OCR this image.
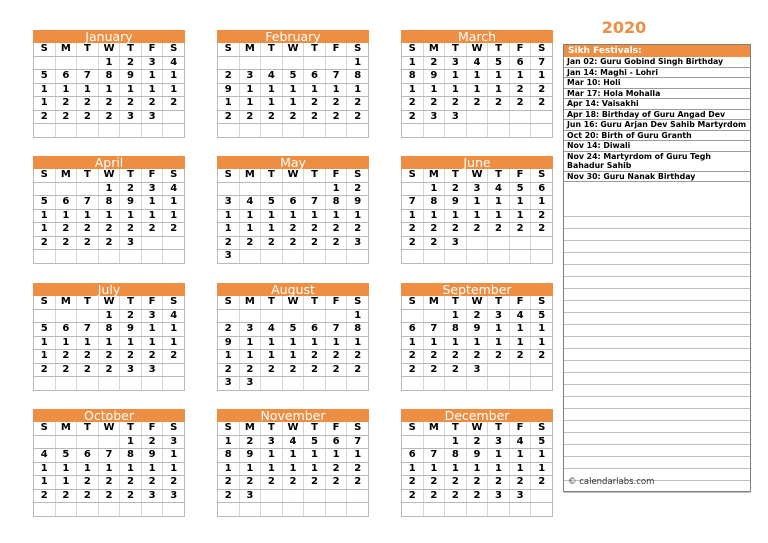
2020
January
S	M	T	W	T	F	S
			1	2	3	4
5	6	7	8	9	1	1
1	1	1	1	1	1	1
1	2	2	2	2	2	2
2	2	2	2	3	3	

February
S	M	T	W	T	F	S
						1
2	3	4	5	6	7	8
9	1	1	1	1	1	1
1	1	1	1	2	2	2
2	2	2	2	2	2	2

March
S	M	T	W	T	F	S
1	2	3	4	5	6	7
8	9	1	1	1	1	1
1	1	1	1	1	2	2
2	2	2	2	2	2	2
2	3	3				

April
S	M	T	W	T	F	S
			1	2	3	4
5	6	7	8	9	1	1
1	1	1	1	1	1	1
1	2	2	2	2	2	2
2	2	2	2	3		

May
S	M	T	W	T	F	S
					1	2
3	4	5	6	7	8	9
1	1	1	1	1	1	1
1	1	1	2	2	2	2
2	2	2	2	2	2	3
3						
June
S	M	T	W	T	F	S
	1	2	3	4	5	6
7	8	9	1	1	1	1
1	1	1	1	1	1	2
2	2	2	2	2	2	2
2	2	3				

July
S	M	T	W	T	F	S
			1	2	3	4
5	6	7	8	9	1	1
1	1	1	1	1	1	1
1	2	2	2	2	2	2
2	2	2	2	3	3	

August
S	M	T	W	T	F	S
						1
2	3	4	5	6	7	8
9	1	1	1	1	1	1
1	1	1	1	2	2	2
2	2	2	2	2	2	2
3	3					
September
S	M	T	W	T	F	S
		1	2	3	4	5
6	7	8	9	1	1	1
1	1	1	1	1	1	1
2	2	2	2	2	2	2
2	2	2	3			

October
S	M	T	W	T	F	S
				1	2	3
4	5	6	7	8	9	1
1	1	1	1	1	1	1
1	1	2	2	2	2	2
2	2	2	2	2	3	3

November
S	M	T	W	T	F	S
1	2	3	4	5	6	7
8	9	1	1	1	1	1
1	1	1	1	1	2	2
2	2	2	2	2	2	2
2	3					

December
S	M	T	W	T	F	S
		1	2	3	4	5
6	7	8	9	1	1	1
1	1	1	1	1	1	1
2	2	2	2	2	2	2
2	2	2	2	3	3	

Sikh Festivals:
Jan 02: Guru Gobind Singh Birthday
Jan 14: Maghi - Lohri
Mar 10: Holi
Mar 17: Hola Mohalla
Apr 14: Vaisakhi
Apr 18: Birthday of Guru Angad Dev
Jun 16: Guru Arjan Dev Sahib Martyrdom
Oct 20: Birth of Guru Granth
Nov 14: Diwali
Nov 24: Martyrdom of Guru Tegh Bahadur Sahib
Nov 30: Guru Nanak Birthday
© calendarlabs.com
